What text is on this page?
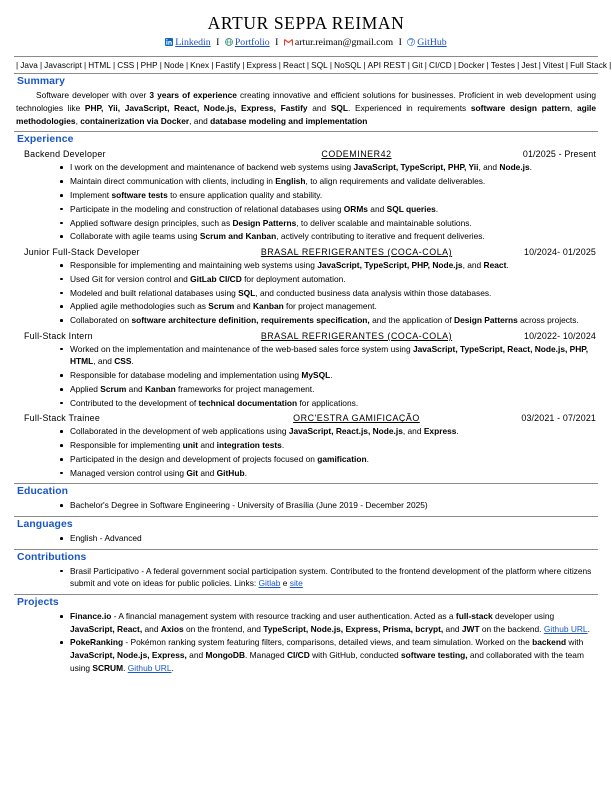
ARTUR SEPPA REIMAN
Linkedin I Portfolio I artur.reiman@gmail.com I GitHub
| Java | Javascript | HTML | CSS | PHP | Node | Knex | Fastify | Express | React | SQL | NoSQL | API REST | Git | CI/CD | Docker | Testes | Jest | Vitest | Full Stack |
Summary
Software developer with over 3 years of experience creating innovative and efficient solutions for businesses. Proficient in web development using technologies like PHP, Yii, JavaScript, React, Node.js, Express, Fastify and SQL. Experienced in requirements software design pattern, agile methodologies, containerization via Docker, and database modeling and implementation
Experience
Backend Developer	CODEMINER42	01/2025 - Present
I work on the development and maintenance of backend web systems using JavaScript, TypeScript, PHP, Yii, and Node.js.
Maintain direct communication with clients, including in English, to align requirements and validate deliverables.
Implement software tests to ensure application quality and stability.
Participate in the modeling and construction of relational databases using ORMs and SQL queries.
Applied software design principles, such as Design Patterns, to deliver scalable and maintainable solutions.
Collaborate with agile teams using Scrum and Kanban, actively contributing to iterative and frequent deliveries.
Junior Full-Stack Developer	BRASAL REFRIGERANTES (COCA-COLA)	10/2024- 01/2025
Responsible for implementing and maintaining web systems using JavaScript, TypeScript, PHP, Node.js, and React.
Used Git for version control and GitLab CI/CD for deployment automation.
Modeled and built relational databases using SQL, and conducted business data analysis within those databases.
Applied agile methodologies such as Scrum and Kanban for project management.
Collaborated on software architecture definition, requirements specification, and the application of Design Patterns across projects.
Full-Stack Intern	BRASAL REFRIGERANTES (COCA-COLA)	10/2022- 10/2024
Worked on the implementation and maintenance of the web-based sales force system using JavaScript, TypeScript, React, Node.js, PHP, HTML, and CSS.
Responsible for database modeling and implementation using MySQL.
Applied Scrum and Kanban frameworks for project management.
Contributed to the development of technical documentation for applications.
Full-Stack Trainee	ORC'ESTRA GAMIFICAÇÃO	03/2021 - 07/2021
Collaborated in the development of web applications using JavaScript, React.js, Node.js, and Express.
Responsible for implementing unit and integration tests.
Participated in the design and development of projects focused on gamification.
Managed version control using Git and GitHub.
Education
Bachelor's Degree in Software Engineering - University of Brasília (June 2019 - December 2025)
Languages
English - Advanced
Contributions
Brasil Participativo - A federal government social participation system. Contributed to the frontend development of the platform where citizens submit and vote on ideas for public policies. Links: Gitlab e site
Projects
Finance.io - A financial management system with resource tracking and user authentication. Acted as a full-stack developer using JavaScript, React, and Axios on the frontend, and TypeScript, Node.js, Express, Prisma, bcrypt, and JWT on the backend. Github URL.
PokeRanking - Pokémon ranking system featuring filters, comparisons, detailed views, and team simulation. Worked on the backend with JavaScript, Node.js, Express, and MongoDB. Managed CI/CD with GitHub, conducted software testing, and collaborated with the team using SCRUM. Github URL.
